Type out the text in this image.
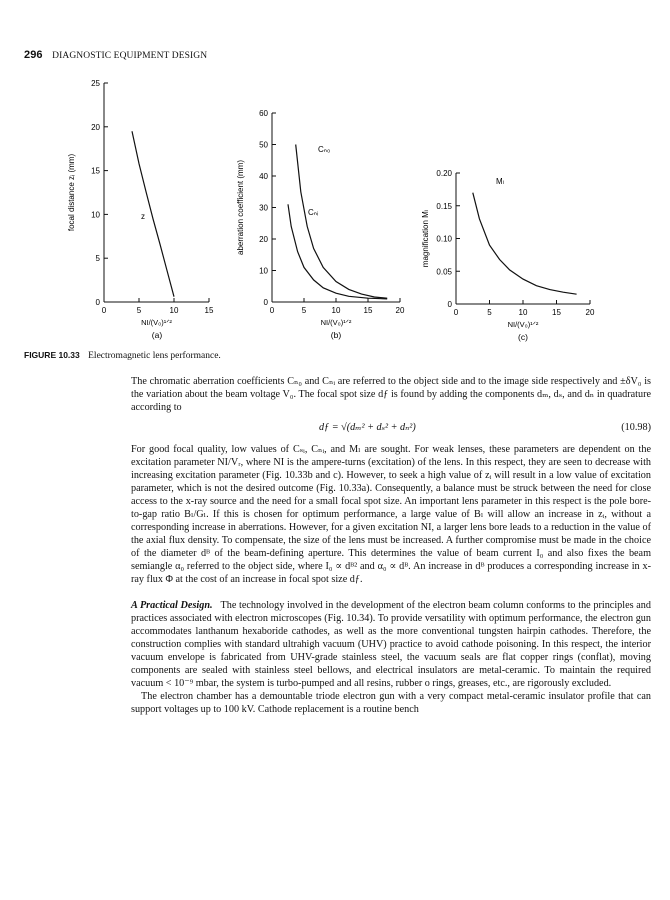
296 DIAGNOSTIC EQUIPMENT DESIGN
0	5	10	15
0
5
10
15
20
25
NI/(V₀)¹ᐟ²
focal distance zᵢ (mm)	z
(a)
0	5	10	15	20
0
10
20
30
40
50
60
NI/(V₀)¹ᐟ²
aberration coefficient (mm)
Cₙ₀
Cₙᵢ
(b)
0	5	10	15	20
0
0.05
0.10
0.15
0.20
NI/(V₀)¹ᐟ²
magnification Mₗ
Mₗ
(c)
FIGURE 10.33 Electromagnetic lens performance.

The chromatic aberration coefficients Cₙ₀ and Cₙᵢ are referred to the object side and to the image side respectively and ±δV₀ is the variation about the beam voltage V₀. The focal spot size dƒ is found by adding the components dₘ, dₛ, and dₙ in quadrature according to

dƒ = √(dₘ² + dₛ² + dₙ²)	(10.98)

For good focal quality, low values of Cₛᵢ, Cₙᵢ, and Mₗ are sought. For weak lenses, these parameters are dependent on the excitation parameter NI/Vᵣ, where NI is the ampere-turns (excitation) of the lens. In this respect, they are seen to decrease with increasing excitation parameter (Fig. 10.33b and c). However, to seek a high value of zᵢ will result in a low value of excitation parameter, which is not the desired outcome (Fig. 10.33a). Consequently, a balance must be struck between the need for close access to the x-ray source and the need for a small focal spot size. An important lens parameter in this respect is the pole bore-to-gap ratio Bₗ/Gₗ. If this is chosen for optimum performance, a large value of Bₗ will allow an increase in zᵢ, without a corresponding increase in aberrations. However, for a given excitation NI, a larger lens bore leads to a reduction in the value of the axial flux density. To compensate, the size of the lens must be increased. A further compromise must be made in the choice of the diameter dᴮ of the beam-defining aperture. This determines the value of beam current I₀ and also fixes the beam semiangle α₀ referred to the object side, where I₀ ∝ dᴮ² and α₀ ∝ dᴮ. An increase in dᴮ produces a corresponding increase in x-ray flux Φ at the cost of an increase in focal spot size dƒ.

A Practical Design. The technology involved in the development of the electron beam column conforms to the principles and practices associated with electron microscopes (Fig. 10.34). To provide versatility with optimum performance, the electron gun accommodates lanthanum hexaboride cathodes, as well as the more conventional tungsten hairpin cathodes. Therefore, the construction complies with standard ultrahigh vacuum (UHV) practice to avoid cathode poisoning. In this respect, the interior vacuum envelope is fabricated from UHV-grade stainless steel, the vacuum seals are flat copper rings (conflat), moving components are sealed with stainless steel bellows, and electrical insulators are metal-ceramic. To maintain the required vacuum < 10⁻⁹ mbar, the system is turbo-pumped and all resins, rubber o rings, greases, etc., are rigorously excluded.

The electron chamber has a demountable triode electron gun with a very compact metal-ceramic insulator profile that can support voltages up to 100 kV. Cathode replacement is a routine bench
